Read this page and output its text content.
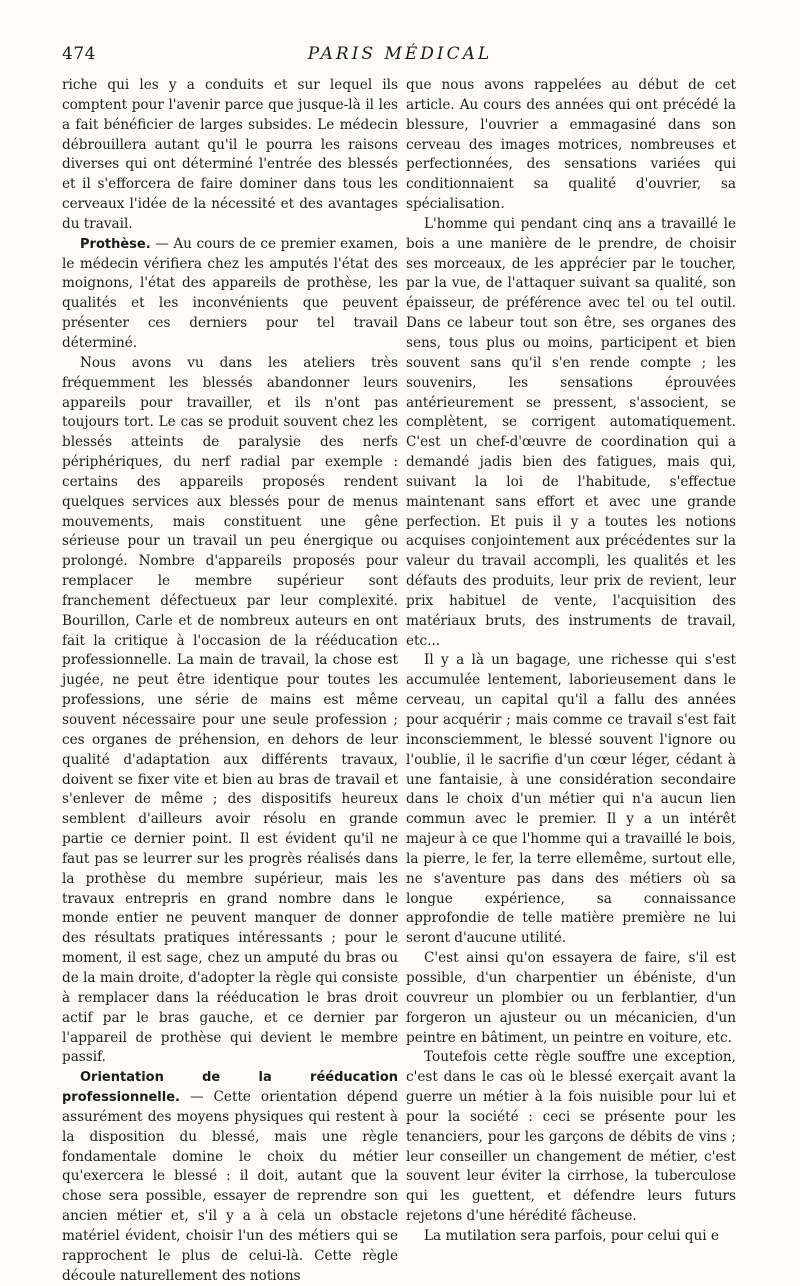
474	PARIS MÉDICAL

riche qui les y a conduits et sur lequel ils comptent pour l'avenir parce que jusque-là il les a fait bénéficier de larges subsides. Le médecin débrouillera autant qu'il le pourra les raisons diverses qui ont déterminé l'entrée des blessés et il s'efforcera de faire dominer dans tous les cerveaux l'idée de la nécessité et des avantages du travail.

Prothèse. — Au cours de ce premier examen, le médecin vérifiera chez les amputés l'état des moignons, l'état des appareils de prothèse, les qualités et les inconvénients que peuvent présenter ces derniers pour tel travail déterminé.

Nous avons vu dans les ateliers très fréquemment les blessés abandonner leurs appareils pour travailler, et ils n'ont pas toujours tort. Le cas se produit souvent chez les blessés atteints de paralysie des nerfs périphériques, du nerf radial par exemple : certains des appareils proposés rendent quelques services aux blessés pour de menus mouvements, mais constituent une gêne sérieuse pour un travail un peu énergique ou prolongé. Nombre d'appareils proposés pour remplacer le membre supérieur sont franchement défectueux par leur complexité. Bourillon, Carle et de nombreux auteurs en ont fait la critique à l'occasion de la rééducation professionnelle. La main de travail, la chose est jugée, ne peut être identique pour toutes les professions, une série de mains est même souvent nécessaire pour une seule profession ; ces organes de préhension, en dehors de leur qualité d'adaptation aux différents travaux, doivent se fixer vite et bien au bras de travail et s'enlever de même ; des dispositifs heureux semblent d'ailleurs avoir résolu en grande partie ce dernier point. Il est évident qu'il ne faut pas se leurrer sur les progrès réalisés dans la prothèse du membre supérieur, mais les travaux entrepris en grand nombre dans le monde entier ne peuvent manquer de donner des résultats pratiques intéressants ; pour le moment, il est sage, chez un amputé du bras ou de la main droite, d'adopter la règle qui consiste à remplacer dans la rééducation le bras droit actif par le bras gauche, et ce dernier par l'appareil de prothèse qui devient le membre passif.

Orientation de la rééducation professionnelle. — Cette orientation dépend assurément des moyens physiques qui restent à la disposition du blessé, mais une règle fondamentale domine le choix du métier qu'exercera le blessé : il doit, autant que la chose sera possible, essayer de reprendre son ancien métier et, s'il y a à cela un obstacle matériel évident, choisir l'un des métiers qui se rapprochent le plus de celui-là. Cette règle découle naturellement des notions

que nous avons rappelées au début de cet article. Au cours des années qui ont précédé la blessure, l'ouvrier a emmagasiné dans son cerveau des images motrices, nombreuses et perfectionnées, des sensations variées qui conditionnaient sa qualité d'ouvrier, sa spécialisation.

L'homme qui pendant cinq ans a travaillé le bois a une manière de le prendre, de choisir ses morceaux, de les apprécier par le toucher, par la vue, de l'attaquer suivant sa qualité, son épaisseur, de préférence avec tel ou tel outil. Dans ce labeur tout son être, ses organes des sens, tous plus ou moins, participent et bien souvent sans qu'il s'en rende compte ; les souvenirs, les sensations éprouvées antérieurement se pressent, s'associent, se complètent, se corrigent automatiquement. C'est un chef-d'œuvre de coordination qui a demandé jadis bien des fatigues, mais qui, suivant la loi de l'habitude, s'effectue maintenant sans effort et avec une grande perfection. Et puis il y a toutes les notions acquises conjointement aux précédentes sur la valeur du travail accompli, les qualités et les défauts des produits, leur prix de revient, leur prix habituel de vente, l'acquisition des matériaux bruts, des instruments de travail, etc...

Il y a là un bagage, une richesse qui s'est accumulée lentement, laborieusement dans le cerveau, un capital qu'il a fallu des années pour acquérir ; mais comme ce travail s'est fait inconsciemment, le blessé souvent l'ignore ou l'oublie, il le sacrifie d'un cœur léger, cédant à une fantaisie, à une considération secondaire dans le choix d'un métier qui n'a aucun lien commun avec le premier. Il y a un intérêt majeur à ce que l'homme qui a travaillé le bois, la pierre, le fer, la terre ellemême, surtout elle, ne s'aventure pas dans des métiers où sa longue expérience, sa connaissance approfondie de telle matière première ne lui seront d'aucune utilité.

C'est ainsi qu'on essayera de faire, s'il est possible, d'un charpentier un ébéniste, d'un couvreur un plombier ou un ferblantier, d'un forgeron un ajusteur ou un mécanicien, d'un peintre en bâtiment, un peintre en voiture, etc.

Toutefois cette règle souffre une exception, c'est dans le cas où le blessé exerçait avant la guerre un métier à la fois nuisible pour lui et pour la société : ceci se présente pour les tenanciers, pour les garçons de débits de vins ; leur conseiller un changement de métier, c'est souvent leur éviter la cirrhose, la tuberculose qui les guettent, et défendre leurs futurs rejetons d'une hérédité fâcheuse.

La mutilation sera parfois, pour celui qui e
